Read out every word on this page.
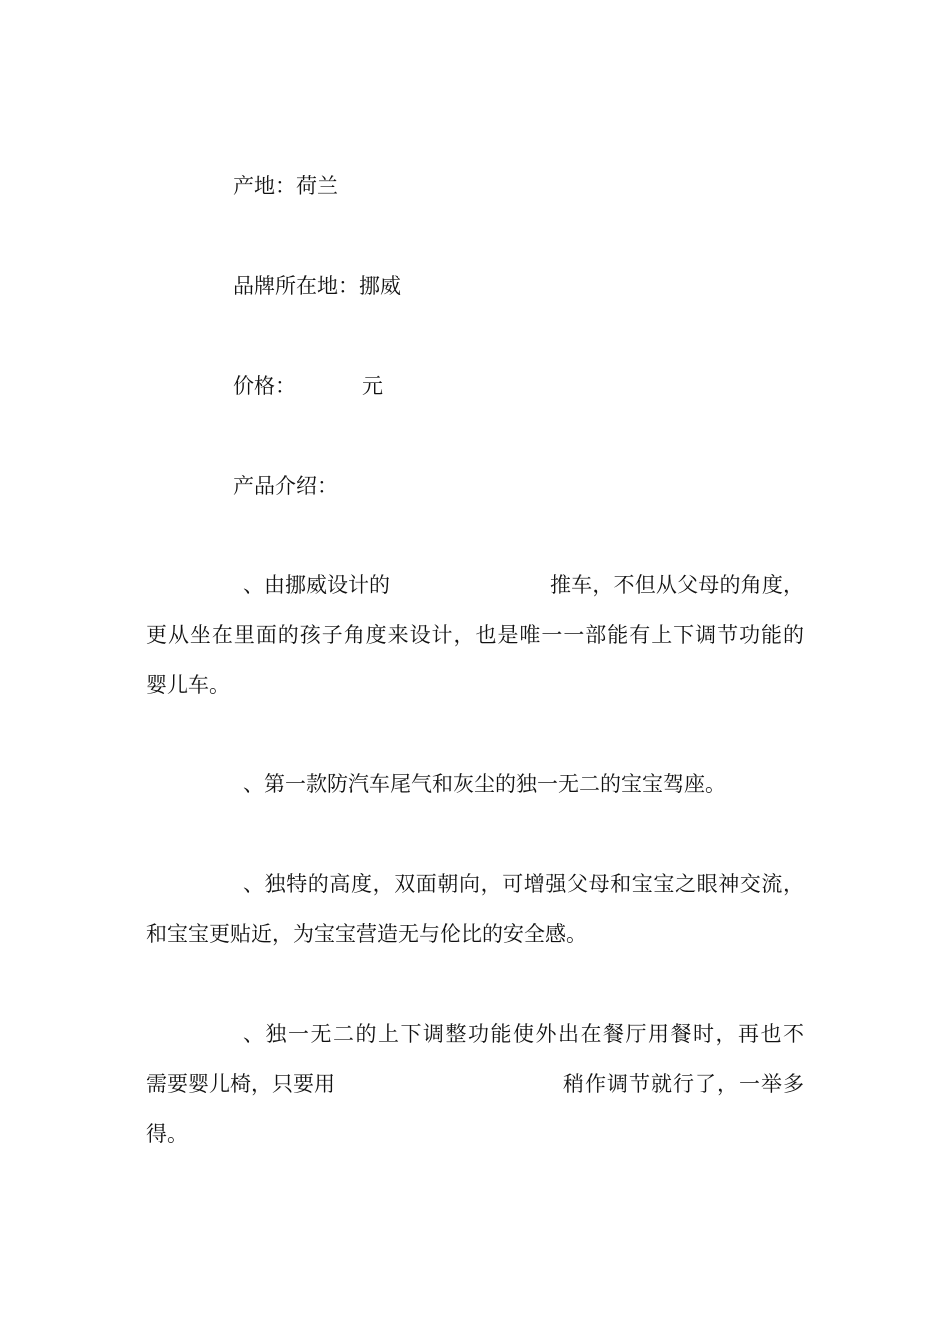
产地：荷兰
品牌所在地：挪威
价格：	元
产品介绍：
、由挪威设计的	推车，不但从父母的角度，
更从坐在里面的孩子角度来设计，也是唯一一部能有上下调节功能的
婴儿车。
、第一款防汽车尾气和灰尘的独一无二的宝宝驾座。
、独特的高度，双面朝向，可增强父母和宝宝之眼神交流，
和宝宝更贴近，为宝宝营造无与伦比的安全感。
、独一无二的上下调整功能使外出在餐厅用餐时，再也不
需要婴儿椅，只要用	稍作调节就行了，一举多
得。
